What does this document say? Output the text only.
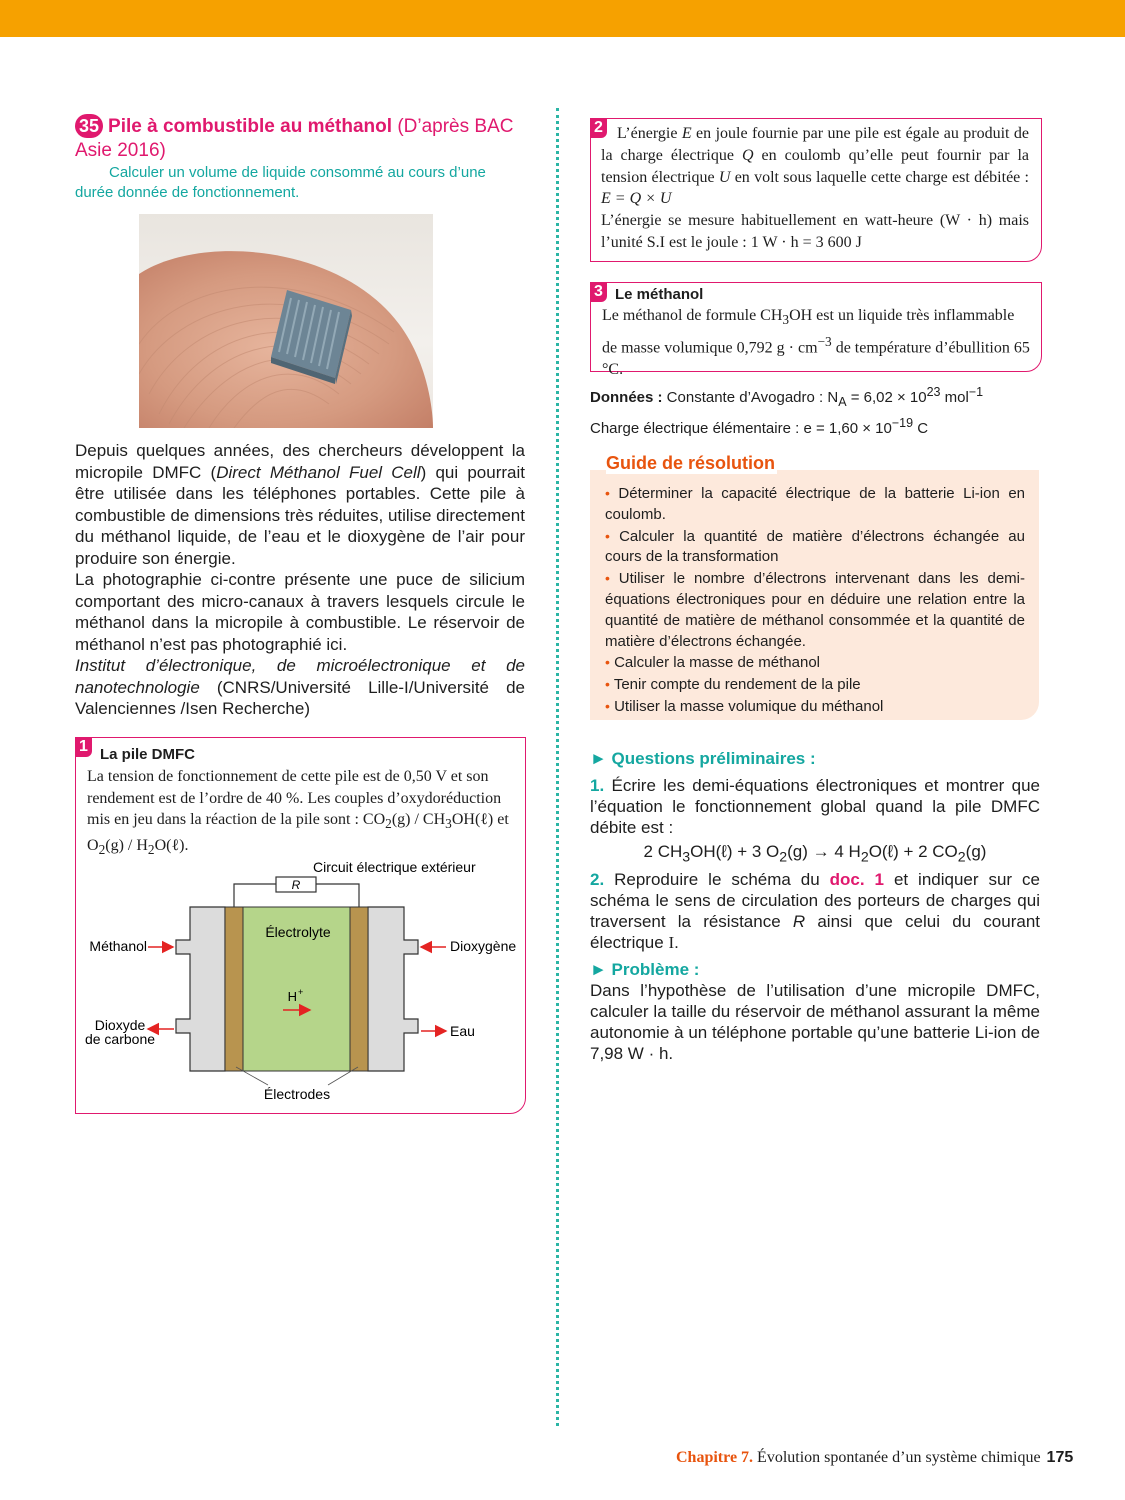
35 Pile à combustible au méthanol (D’après BAC Asie 2016)
Calculer un volume de liquide consommé au cours d’une durée donnée de fonctionnement.

Depuis quelques années, des chercheurs développent la micropile DMFC (Direct Méthanol Fuel Cell) qui pourrait être utilisée dans les téléphones portables. Cette pile à combustible de dimensions très réduites, utilise directement du méthanol liquide, de l’eau et le dioxygène de l’air pour produire son énergie.

La photographie ci-contre présente une puce de silicium comportant des micro-canaux à travers lesquels circule le méthanol dans la micropile à combustible. Le réservoir de méthanol n’est pas photographié ici.

Institut d’électronique, de microélectronique et de nanotechnologie (CNRS/Université Lille-I/Université de Valenciennes /Isen Recherche)

1 La pile DMFC
La tension de fonctionnement de cette pile est de 0,50 V et son rendement est de l’ordre de 40 %. Les couples d’oxydoréduction mis en jeu dans la réaction de la pile sont : $CO_2(g)$ / $CH_3OH(\ell)$ et $O_2(g)$ / $H_2O(\ell)$.
R
Circuit électrique extérieur
Électrolyte
H +
Méthanol
Dioxyde
de carbone
Dioxygène
Eau
Électrodes
2 L’énergie E en joule fournie par une pile est égale au produit de la charge électrique Q en coulomb qu’elle peut fournir par la tension électrique U en volt sous laquelle cette charge est débitée : E = Q × U
L’énergie se mesure habituellement en watt-heure (W · h) mais l’unité S.I est le joule : 1 W · h = 3 600 J
3 Le méthanol
Le méthanol de formule $CH_3OH$ est un liquide très inflammable de masse volumique 0,792 $g \cdot cm^{-3}$ de température d’ébullition 65 °C.
Données : Constante d’Avogadro : $N_A = 6,02 \times 10^{23}$ mol$^{-1}$
Charge électrique élémentaire : $e = 1,60 \times 10^{-19}$ C
• Déterminer la capacité électrique de la batterie Li-ion en coulomb.
• Calculer la quantité de matière d’électrons échangée au cours de la transformation
• Utiliser le nombre d’électrons intervenant dans les demi-équations électroniques pour en déduire une relation entre la quantité de matière de méthanol consommée et la quantité de matière d’électrons échangée.
• Calculer la masse de méthanol
• Tenir compte du rendement de la pile
• Utiliser la masse volumique du méthanol
Guide de résolution

► Questions préliminaires :

1. Écrire les demi-équations électroniques et montrer que l’équation le fonctionnement global quand la pile DMFC débite est :

2 $CH_3OH(\ell) + 3$ $O_2(g) \to 4$ $H_2O(\ell) + 2$ $CO_2(g)$

2. Reproduire le schéma du doc. 1 et indiquer sur ce schéma le sens de circulation des porteurs de charges qui traversent la résistance R ainsi que celui du courant électrique I.

► Problème :

Dans l’hypothèse de l’utilisation d’une micropile DMFC, calculer la taille du réservoir de méthanol assurant la même autonomie à un téléphone portable qu’une batterie Li-ion de 7,98 W · h.

Chapitre 7. Évolution spontanée d’un système chimique 175
